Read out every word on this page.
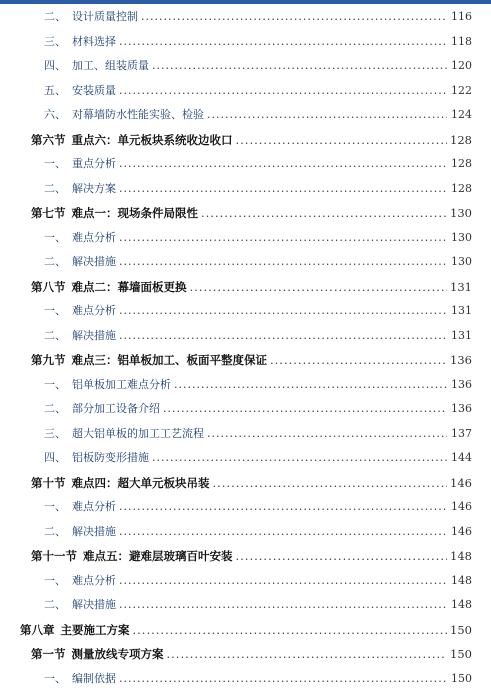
二、 设计质量控制 .....	116
三、 材料选择 .....	118
四、 加工、组装质量 .....	120
五、 安装质量 .....	122
六、 对幕墙防水性能实验、检验 .....	124
第六节 重点六：单元板块系统收边收口 .....	128
一、 重点分析 .....	128
二、 解决方案 .....	128
第七节 难点一：现场条件局限性 .....	130
一、 难点分析 .....	130
二、 解决措施 .....	130
第八节 难点二：幕墙面板更换 .....	131
一、 难点分析 .....	131
二、 解决措施 .....	131
第九节 难点三：铝单板加工、板面平整度保证 .....	136
一、 铝单板加工难点分析 .....	136
二、 部分加工设备介绍 .....	136
三、 超大铝单板的加工工艺流程 .....	137
四、 铝板防变形措施 .....	144
第十节 难点四：超大单元板块吊装 .....	146
一、 难点分析 .....	146
二、 解决措施 .....	146
第十一节 难点五：避难层玻璃百叶安装 .....	148
一、 难点分析 .....	148
二、 解决措施 .....	148
第八章 主要施工方案 .....	150
第一节 测量放线专项方案 .....	150
一、 编制依据 .....	150
